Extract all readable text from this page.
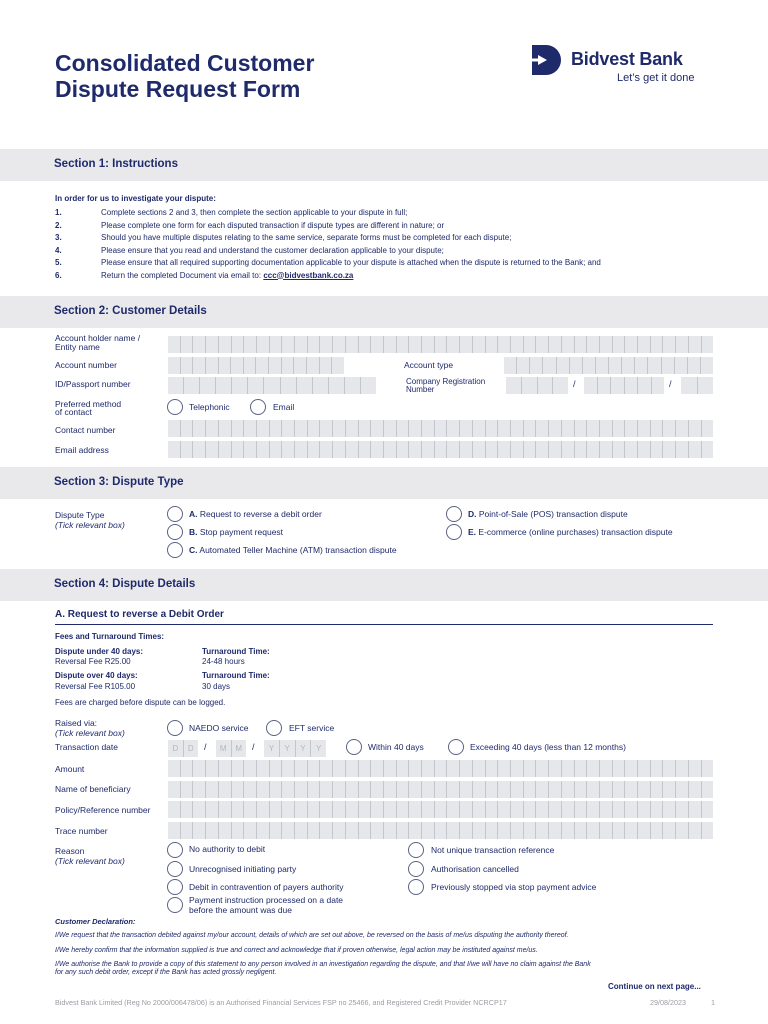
Consolidated Customer
Dispute Request Form
Bidvest Bank
Let’s get it done
Section 1: Instructions
In order for us to investigate your dispute:
1.	Complete sections 2 and 3, then complete the section applicable to your dispute in full;
2.	Please complete one form for each disputed transaction if dispute types are different in nature; or
3.	Should you have multiple disputes relating to the same service, separate forms must be completed for each dispute;
4.	Please ensure that you read and understand the customer declaration applicable to your dispute;
5.	Please ensure that all required supporting documentation applicable to your dispute is attached when the dispute is returned to the Bank; and
6.	Return the completed Document via email to: ccc@bidvestbank.co.za
Section 2: Customer Details
Account holder name /
Entity name
Account number	Account type
ID/Passport number	Company Registration
Number
/	/
Preferred method
of contact	Telephonic	Email
Contact number
Email address
Section 3: Dispute Type
Dispute Type
(Tick relevant box)
A. Request to reverse a debit order
B. Stop payment request
C. Automated Teller Machine (ATM) transaction dispute
D. Point-of-Sale (POS) transaction dispute
E. E-commerce (online purchases) transaction dispute
Section 4: Dispute Details
A. Request to reverse a Debit Order
Fees and Turnaround Times:
Dispute under 40 days:
Reversal Fee R25.00
Turnaround Time:
24-48 hours
Dispute over 40 days:
Reversal Fee R105.00
Turnaround Time:
30 days
Fees are charged before dispute can be logged.
Raised via:
(Tick relevant box)	NAEDO service	EFT service
Transaction date	D	D	/	M	M	/	Y	Y	Y	Y	Within 40 days	Exceeding 40 days (less than 12 months)
Amount
Name of beneficiary
Policy/Reference number
Trace number
Reason
(Tick relevant box)
No authority to debit
Unrecognised initiating party
Debit in contravention of payers authority
Payment instruction processed on a date
before the amount was due
Not unique transaction reference
Authorisation cancelled
Previously stopped via stop payment advice
Customer Declaration:
I/We request that the transaction debited against my/our account, details of which are set out above, be reversed on the basis of me/us disputing the authority thereof.
I/We hereby confirm that the information supplied is true and correct and acknowledge that if proven otherwise, legal action may be instituted against me/us.
I/We authorise the Bank to provide a copy of this statement to any person involved in an investigation regarding the dispute, and that I/we will have no claim against the Bank
for any such debit order, except if the Bank has acted grossly negligent.
Continue on next page...
Bidvest Bank Limited (Reg No 2000/006478/06) is an Authorised Financial Services FSP no 25466, and Registered Credit Provider NCRCP17	29/08/2023	1
